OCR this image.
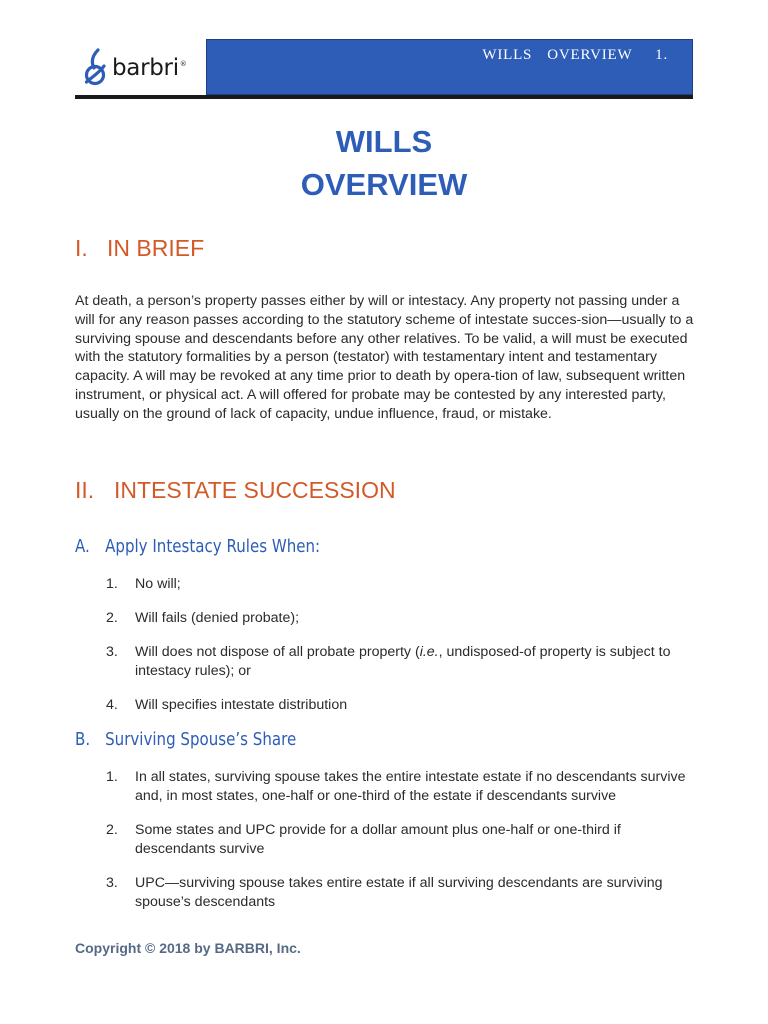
barbri®
WILLS  OVERVIEW 1.
WILLS
OVERVIEW
I. IN BRIEF

At death, a person’s property passes either by will or intestacy. Any property not passing under a will for any reason passes according to the statutory scheme of intestate succes-sion—usually to a surviving spouse and descendants before any other relatives. To be valid, a will must be executed with the statutory formalities by a person (testator) with testamentary intent and testamentary capacity. A will may be revoked at any time prior to death by opera-tion of law, subsequent written instrument, or physical act. A will offered for probate may be contested by any interested party, usually on the ground of lack of capacity, undue influence, fraud, or mistake.

II. INTESTATE SUCCESSION
A. Apply Intestacy Rules When:
1. No will;
2. Will fails (denied probate);
3. Will does not dispose of all probate property (i.e., undisposed-of property is subject to intestacy rules); or
4. Will specifies intestate distribution
B. Surviving Spouse’s Share
1. In all states, surviving spouse takes the entire intestate estate if no descendants survive and, in most states, one-half or one-third of the estate if descendants survive
2. Some states and UPC provide for a dollar amount plus one-half or one-third if descendants survive
3. UPC—surviving spouse takes entire estate if all surviving descendants are surviving spouse’s descendants
Copyright © 2018 by BARBRI, Inc.
